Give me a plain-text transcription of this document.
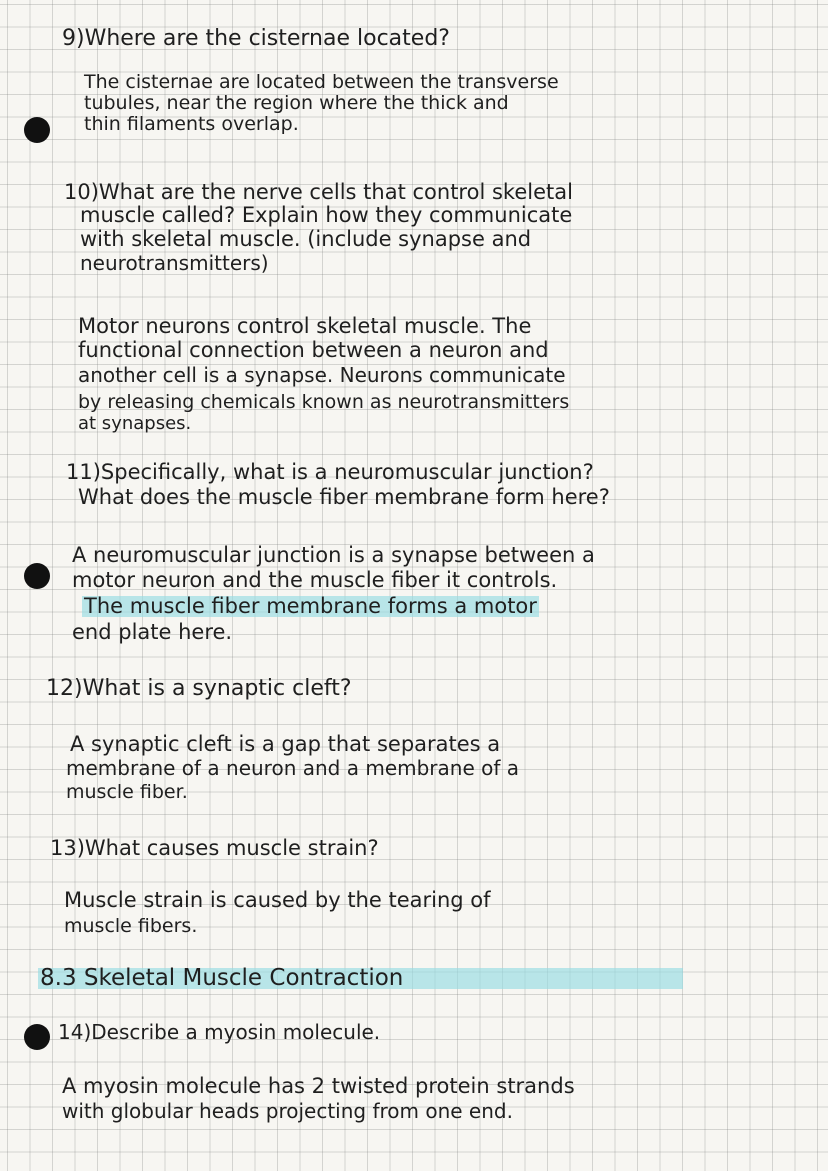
9)Where are the cisternae located?
The cisternae are located between the transverse
tubules, near the region where the thick and
thin filaments overlap.
10)What are the nerve cells that control skeletal
muscle called? Explain how they communicate
with skeletal muscle. (include synapse and
neurotransmitters)
Motor neurons control skeletal muscle. The
functional connection between a neuron and
another cell is a synapse. Neurons communicate
by releasing chemicals known as neurotransmitters
at synapses.
11)Specifically, what is a neuromuscular junction?
What does the muscle fiber membrane form here?
A neuromuscular junction is a synapse between a
motor neuron and the muscle fiber it controls.
The muscle fiber membrane forms a motor
end plate here.
12)What is a synaptic cleft?
A synaptic cleft is a gap that separates a
membrane of a neuron and a membrane of a
muscle fiber.
13)What causes muscle strain?
Muscle strain is caused by the tearing of
muscle fibers.
8.3 Skeletal Muscle Contraction
14)Describe a myosin molecule.
A myosin molecule has 2 twisted protein strands
with globular heads projecting from one end.
